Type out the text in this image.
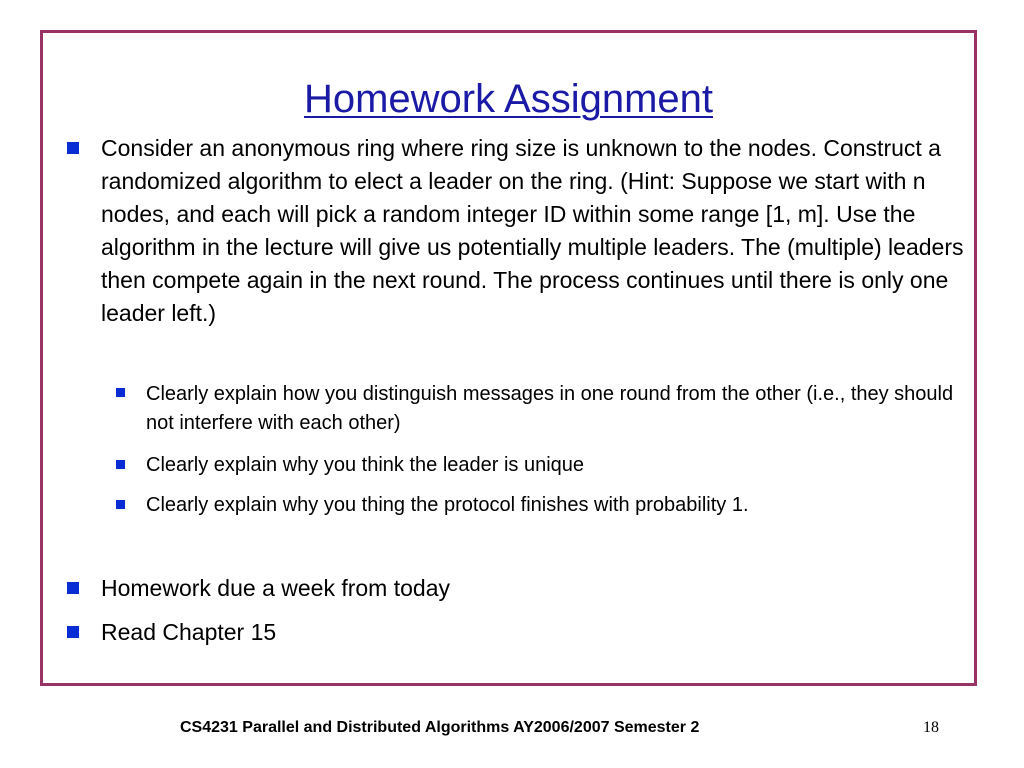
Homework Assignment
Consider an anonymous ring where ring size is unknown to the nodes. Construct a randomized algorithm to elect a leader on the ring. (Hint: Suppose we start with n nodes, and each will pick a random integer ID within some range [1, m]. Use the algorithm in the lecture will give us potentially multiple leaders. The (multiple) leaders then compete again in the next round. The process continues until there is only one leader left.)
Clearly explain how you distinguish messages in one round from the other (i.e., they should not interfere with each other)
Clearly explain why you think the leader is unique
Clearly explain why you thing the protocol finishes with probability 1.
Homework due a week from today
Read Chapter 15
CS4231 Parallel and Distributed Algorithms AY2006/2007 Semester 2	18
